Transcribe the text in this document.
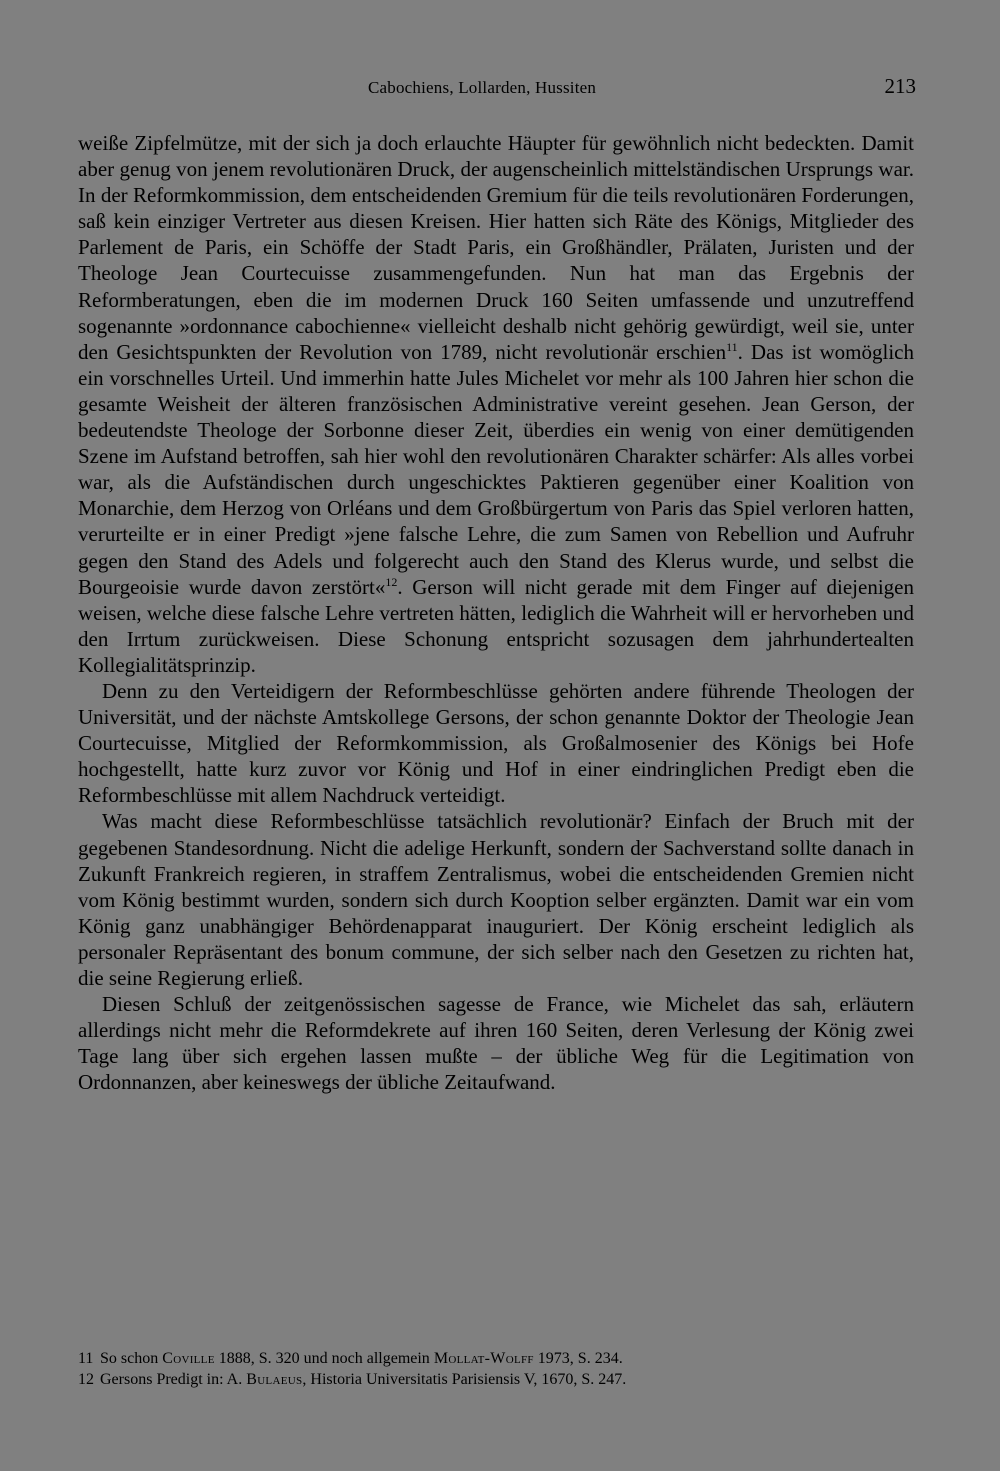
Cabochiens, Lollarden, Hussiten	213

weiße Zipfelmütze, mit der sich ja doch erlauchte Häupter für gewöhnlich nicht bedeckten. Damit aber genug von jenem revolutionären Druck, der augenscheinlich mittelständischen Ursprungs war. In der Reformkommission, dem entscheidenden Gremium für die teils revolutionären Forderungen, saß kein einziger Vertreter aus diesen Kreisen. Hier hatten sich Räte des Königs, Mitglieder des Parlement de Paris, ein Schöffe der Stadt Paris, ein Großhändler, Prälaten, Juristen und der Theologe Jean Courtecuisse zusammengefunden. Nun hat man das Ergebnis der Reformberatungen, eben die im modernen Druck 160 Seiten umfassende und unzutreffend sogenannte »ordonnance cabochienne« vielleicht deshalb nicht gehörig gewürdigt, weil sie, unter den Gesichtspunkten der Revolution von 1789, nicht revolutionär erschien$^{11}$. Das ist womöglich ein vorschnelles Urteil. Und immerhin hatte Jules Michelet vor mehr als 100 Jahren hier schon die gesamte Weisheit der älteren französischen Administrative vereint gesehen. Jean Gerson, der bedeutendste Theologe der Sorbonne dieser Zeit, überdies ein wenig von einer demütigenden Szene im Aufstand betroffen, sah hier wohl den revolutionären Charakter schärfer: Als alles vorbei war, als die Aufständischen durch ungeschicktes Paktieren gegenüber einer Koalition von Monarchie, dem Herzog von Orléans und dem Großbürgertum von Paris das Spiel verloren hatten, verurteilte er in einer Predigt »jene falsche Lehre, die zum Samen von Rebellion und Aufruhr gegen den Stand des Adels und folgerecht auch den Stand des Klerus wurde, und selbst die Bourgeoisie wurde davon zerstört«$^{12}$. Gerson will nicht gerade mit dem Finger auf diejenigen weisen, welche diese falsche Lehre vertreten hätten, lediglich die Wahrheit will er hervorheben und den Irrtum zurückweisen. Diese Schonung entspricht sozusagen dem jahrhundertealten Kollegialitätsprinzip.

Denn zu den Verteidigern der Reformbeschlüsse gehörten andere führende Theologen der Universität, und der nächste Amtskollege Gersons, der schon genannte Doktor der Theologie Jean Courtecuisse, Mitglied der Reformkommission, als Großalmosenier des Königs bei Hofe hochgestellt, hatte kurz zuvor vor König und Hof in einer eindringlichen Predigt eben die Reformbeschlüsse mit allem Nachdruck verteidigt.

Was macht diese Reformbeschlüsse tatsächlich revolutionär? Einfach der Bruch mit der gegebenen Standesordnung. Nicht die adelige Herkunft, sondern der Sachverstand sollte danach in Zukunft Frankreich regieren, in straffem Zentralismus, wobei die entscheidenden Gremien nicht vom König bestimmt wurden, sondern sich durch Kooption selber ergänzten. Damit war ein vom König ganz unabhängiger Behördenapparat inauguriert. Der König erscheint lediglich als personaler Repräsentant des bonum commune, der sich selber nach den Gesetzen zu richten hat, die seine Regierung erließ.

Diesen Schluß der zeitgenössischen sagesse de France, wie Michelet das sah, erläutern allerdings nicht mehr die Reformdekrete auf ihren 160 Seiten, deren Verlesung der König zwei Tage lang über sich ergehen lassen mußte – der übliche Weg für die Legitimation von Ordonnanzen, aber keineswegs der übliche Zeitaufwand.

11 So schon Coville 1888, S. 320 und noch allgemein Mollat-Wolff 1973, S. 234.

12 Gersons Predigt in: A. Bulaeus, Historia Universitatis Parisiensis V, 1670, S. 247.
